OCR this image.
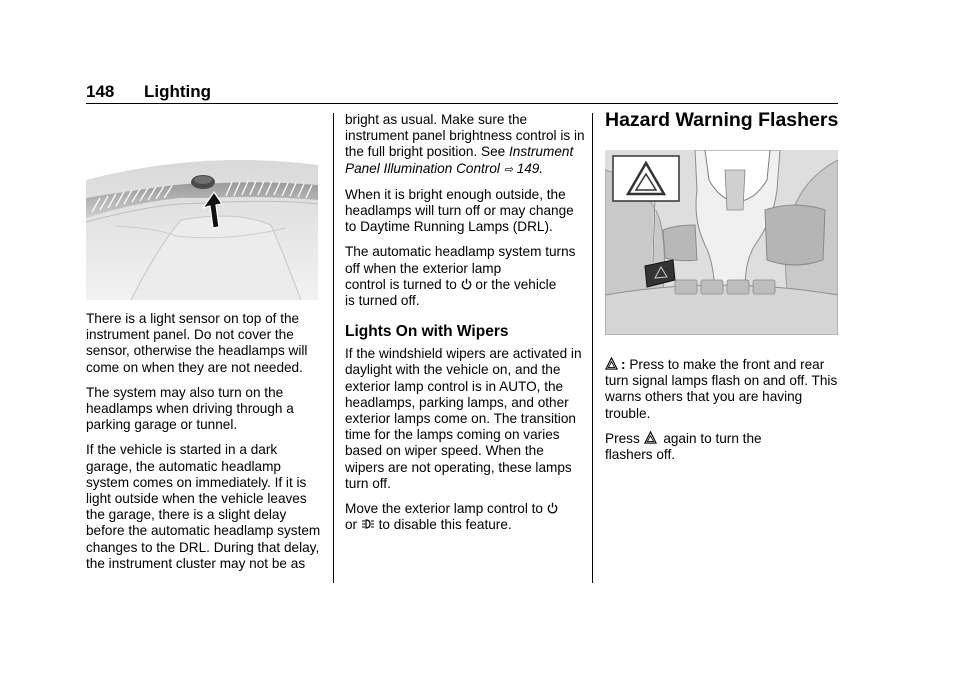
148 Lighting

There is a light sensor on top of the instrument panel. Do not cover the sensor, otherwise the headlamps will come on when they are not needed.

The system may also turn on the headlamps when driving through a parking garage or tunnel.

If the vehicle is started in a dark garage, the automatic headlamp system comes on immediately. If it is light outside when the vehicle leaves the garage, there is a slight delay before the automatic headlamp system changes to the DRL. During that delay, the instrument cluster may not be as

bright as usual. Make sure the instrument panel brightness control is in the full bright position. See Instrument Panel Illumination Control ⇨ 149.

When it is bright enough outside, the headlamps will turn off or may change to Daytime Running Lamps (DRL).

The automatic headlamp system turns off when the exterior lamp
control is turned to or the vehicle
is turned off.

Lights On with Wipers

If the windshield wipers are activated in daylight with the vehicle on, and the exterior lamp control is in AUTO, the headlamps, parking lamps, and other exterior lamps come on. The transition time for the lamps coming on varies based on wiper speed. When the wipers are not operating, these lamps turn off.

Move the exterior lamp control to
or to disable this feature.

Hazard Warning Flashers

: Press to make the front and rear turn signal lamps flash on and off. This warns others that you are having trouble.

Press again to turn the
flashers off.
